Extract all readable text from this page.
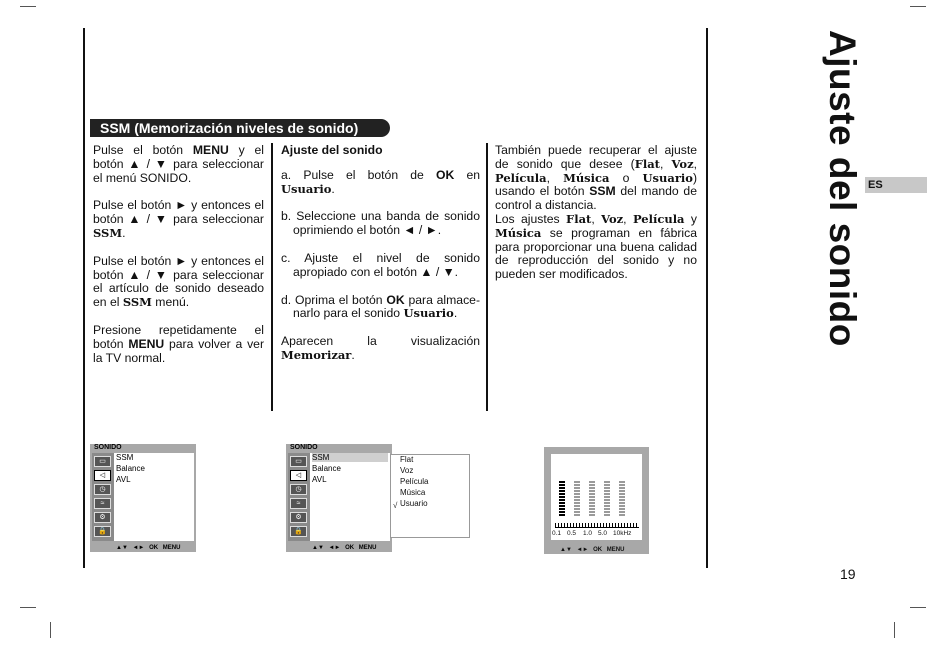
SSM (Memorización niveles de sonido)

Pulse el botón MENU y el botón ▲ / ▼ para seleccionar el menú SONIDO.

Pulse el botón ► y entonces el botón ▲ / ▼ para seleccionar SSM.

Pulse el botón ► y entonces el botón ▲ / ▼ para seleccionar el artículo de sonido deseado en el SSM menú.

Presione repetidamente el botón MENU para volver a ver la TV normal.

Ajuste del sonido

a. Pulse el botón de OK en Usuario.

b. Seleccione una banda de sonido oprimiendo el botón ◄ / ►.

c. Ajuste el nivel de sonido apropiado con el botón ▲ / ▼.

d. Oprima el botón OK para almace-narlo para el sonido Usuario.

Aparecen la visualización Memorizar.

También puede recuperar el ajuste de sonido que desee (Flat, Voz, Película, Música o Usuario) usando el botón SSM del mando de control a distancia.

Los ajustes Flat, Voz, Película y Música se programan en fábrica para proporcionar una buena calidad de reproducción del sonido y no pueden ser modificados.	Ajuste del sonido ES
19
SONIDO
▭
◁
◷
≈
⚙
🔒
SSM
Balance
AVL
▲▼ ◄► OK MENU
SONIDO
▭
◁
◷
≈
⚙
🔒
SSM
Balance
AVL
▲▼ ◄► OK MENU
Flat
Voz
Película
Música
√ Usuario
0.1 0.5 1.0 5.0 10kHz
▲▼ ◄► OK MENU
